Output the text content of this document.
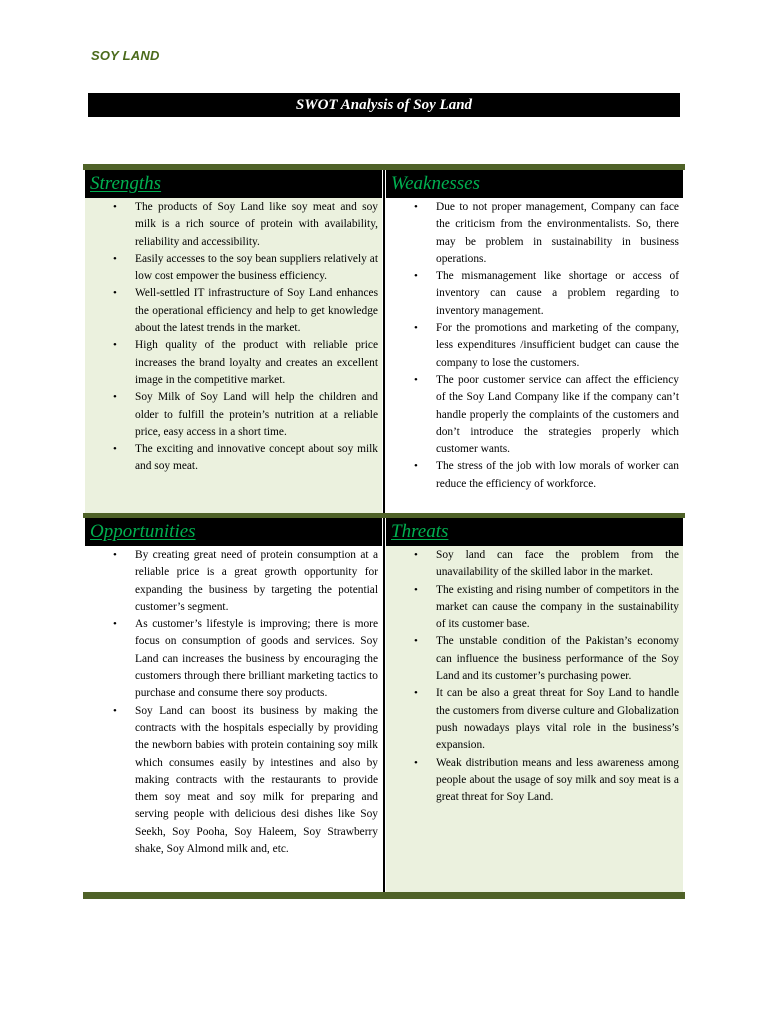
SOY LAND
SWOT Analysis of Soy Land
Strengths
• The products of Soy Land like soy meat and soy milk is a rich source of protein with availability, reliability and accessibility.
• Easily accesses to the soy bean suppliers relatively at low cost empower the business efficiency.
• Well-settled IT infrastructure of Soy Land enhances the operational efficiency and help to get knowledge about the latest trends in the market.
• High quality of the product with reliable price increases the brand loyalty and creates an excellent image in the competitive market.
• Soy Milk of Soy Land will help the children and older to fulfill the protein’s nutrition at a reliable price, easy access in a short time.
• The exciting and innovative concept about soy milk and soy meat.
Weaknesses
• Due to not proper management, Company can face the criticism from the environmentalists. So, there may be problem in sustainability in business operations.
• The mismanagement like shortage or access of inventory can cause a problem regarding to inventory management.
• For the promotions and marketing of the company, less expenditures /insufficient budget can cause the company to lose the customers.
• The poor customer service can affect the efficiency of the Soy Land Company like if the company can’t handle properly the complaints of the customers and don’t introduce the strategies properly which customer wants.
• The stress of the job with low morals of worker can reduce the efficiency of workforce.
Opportunities
• By creating great need of protein consumption at a reliable price is a great growth opportunity for expanding the business by targeting the potential customer’s segment.
• As customer’s lifestyle is improving; there is more focus on consumption of goods and services. Soy Land can increases the business by encouraging the customers through there brilliant marketing tactics to purchase and consume there soy products.
• Soy Land can boost its business by making the contracts with the hospitals especially by providing the newborn babies with protein containing soy milk which consumes easily by intestines and also by making contracts with the restaurants to provide them soy meat and soy milk for preparing and serving people with delicious desi dishes like Soy Seekh, Soy Pooha, Soy Haleem, Soy Strawberry shake, Soy Almond milk and, etc.
Threats
• Soy land can face the problem from the unavailability of the skilled labor in the market.
• The existing and rising number of competitors in the market can cause the company in the sustainability of its customer base.
• The unstable condition of the Pakistan’s economy can influence the business performance of the Soy Land and its customer’s purchasing power.
• It can be also a great threat for Soy Land to handle the customers from diverse culture and Globalization push nowadays plays vital role in the business’s expansion.
• Weak distribution means and less awareness among people about the usage of soy milk and soy meat is a great threat for Soy Land.
